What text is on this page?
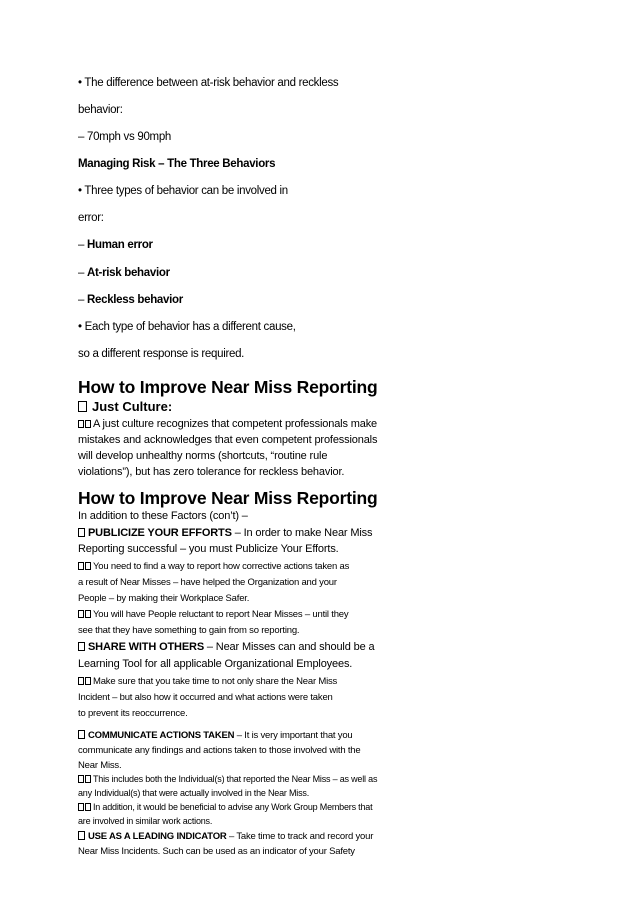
• The difference between at-risk behavior and reckless
behavior:
– 70mph vs 90mph
Managing Risk – The Three Behaviors
• Three types of behavior can be involved in
error:
– Human error
– At-risk behavior
– Reckless behavior
• Each type of behavior has a different cause,
so a different response is required.
How to Improve Near Miss Reporting
Just Culture:
A just culture recognizes that competent professionals make
mistakes and acknowledges that even competent professionals
will develop unhealthy norms (shortcuts, “routine rule
violations”), but has zero tolerance for reckless behavior.
How to Improve Near Miss Reporting
In addition to these Factors (con’t) –
PUBLICIZE YOUR EFFORTS – In order to make Near Miss
Reporting successful – you must Publicize Your Efforts.
You need to find a way to report how corrective actions taken as
a result of Near Misses – have helped the Organization and your
People – by making their Workplace Safer.
You will have People reluctant to report Near Misses – until they
see that they have something to gain from so reporting.
SHARE WITH OTHERS – Near Misses can and should be a
Learning Tool for all applicable Organizational Employees.
Make sure that you take time to not only share the Near Miss
Incident – but also how it occurred and what actions were taken
to prevent its reoccurrence.
COMMUNICATE ACTIONS TAKEN – It is very important that you
communicate any findings and actions taken to those involved with the
Near Miss.
This includes both the Individual(s) that reported the Near Miss – as well as
any Individual(s) that were actually involved in the Near Miss.
In addition, it would be beneficial to advise any Work Group Members that
are involved in similar work actions.
USE AS A LEADING INDICATOR – Take time to track and record your
Near Miss Incidents. Such can be used as an indicator of your Safety
